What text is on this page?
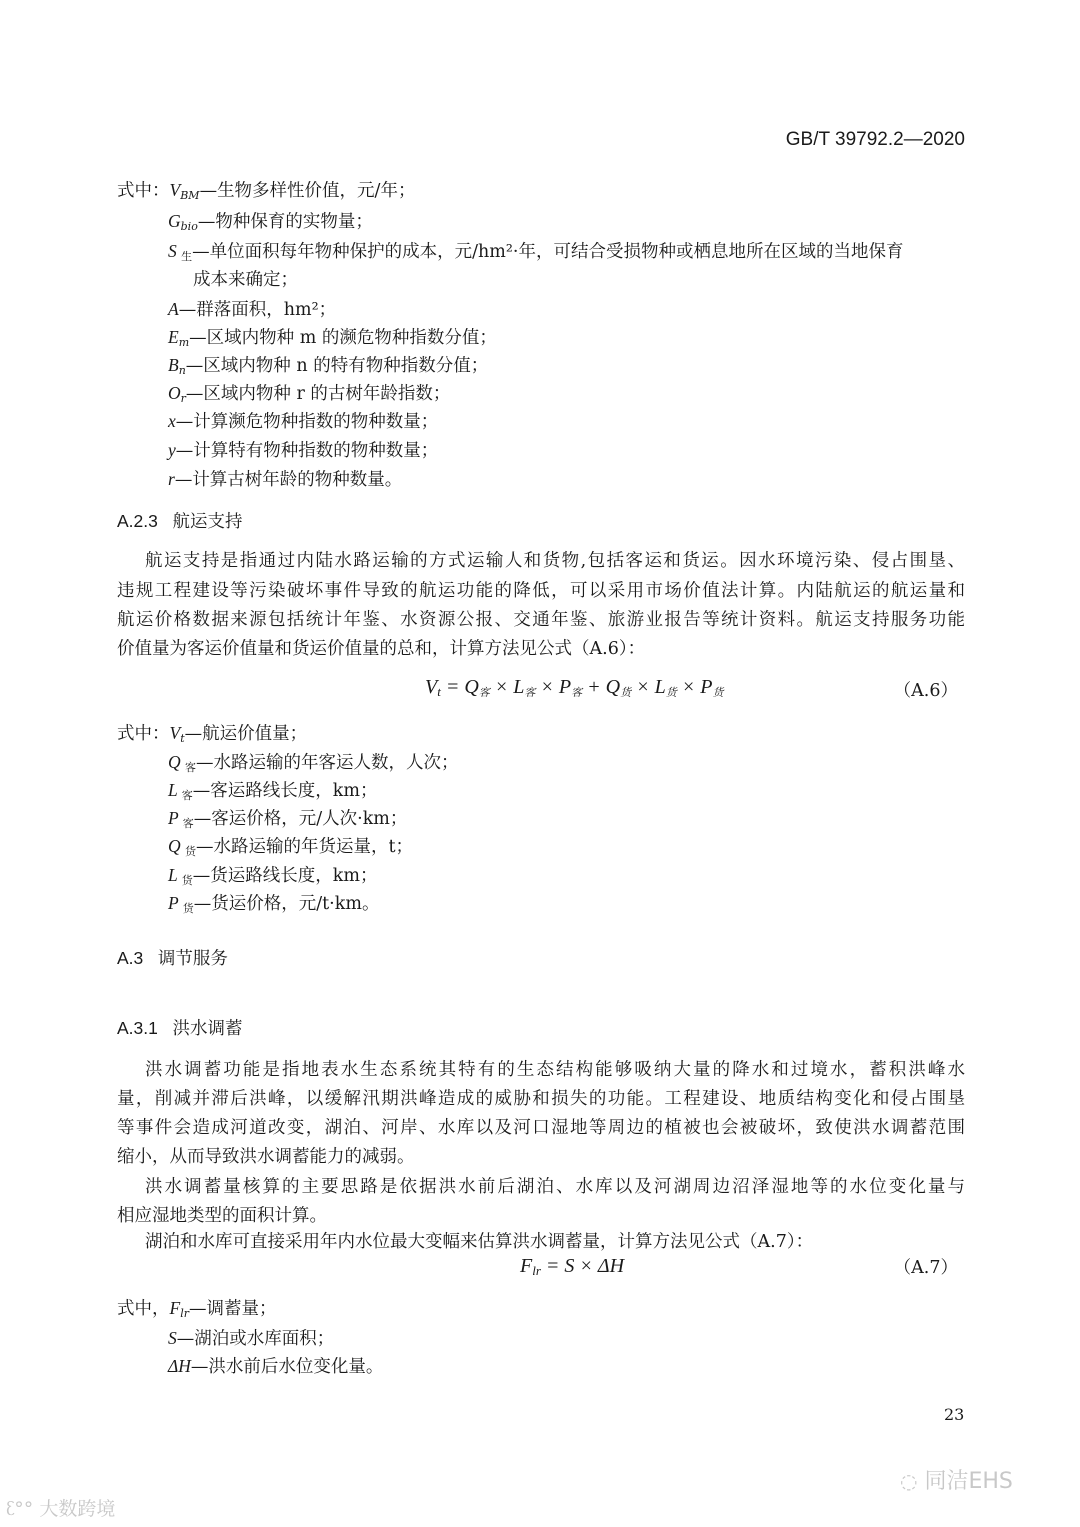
GB/T 39792.2—2020
式中：$V_{BM}—$生物多样性价值，元/年；
$G_{bio}—$物种保育的实物量；
S $_生$—单位面积每年物种保护的成本，元/hm²·年，可结合受损物种或栖息地所在区域的当地保育
成本来确定；
A—群落面积，hm²；
$E_m—$区域内物种 m 的濒危物种指数分值；
$B_n—$区域内物种 n 的特有物种指数分值；
$O_r—$区域内物种 r 的古树年龄指数；
x—计算濒危物种指数的物种数量；
y—计算特有物种指数的物种数量；
r—计算古树年龄的物种数量。
A.2.3 航运支持
航运支持是指通过内陆水路运输的方式运输人和货物,包括客运和货运。因水环境污染、侵占围垦、
违规工程建设等污染破坏事件导致的航运功能的降低，可以采用市场价值法计算。内陆航运的航运量和
航运价格数据来源包括统计年鉴、水资源公报、交通年鉴、旅游业报告等统计资料。航运支持服务功能
价值量为客运价值量和货运价值量的总和，计算方法见公式（A.6）：
$V_t = Q_客 \times L_客 \times P_客 + Q_货 \times L_货 \times P_货$	（A.6）
式中：$V_t—$航运价值量；
Q $_客$—水路运输的年客运人数，人次；
L $_客$—客运路线长度，km；
P $_客$—客运价格，元/人次·km；
Q $_货$—水路运输的年货运量，t；
L $_货$—货运路线长度，km；
P $_货$—货运价格，元/t·km。
A.3 调节服务
A.3.1 洪水调蓄
洪水调蓄功能是指地表水生态系统其特有的生态结构能够吸纳大量的降水和过境水，蓄积洪峰水
量，削减并滞后洪峰，以缓解汛期洪峰造成的威胁和损失的功能。工程建设、地质结构变化和侵占围垦
等事件会造成河道改变，湖泊、河岸、水库以及河口湿地等周边的植被也会被破坏，致使洪水调蓄范围
缩小，从而导致洪水调蓄能力的减弱。
洪水调蓄量核算的主要思路是依据洪水前后湖泊、水库以及河湖周边沼泽湿地等的水位变化量与
相应湿地类型的面积计算。
湖泊和水库可直接采用年内水位最大变幅来估算洪水调蓄量，计算方法见公式（A.7）：
$F_{lr} = S \times \Delta H$	（A.7）
式中，$F_{lr}—$调蓄量；
S—湖泊或水库面积；
ΔH—洪水前后水位变化量。
23
◌ 同洁EHS
ᦷ°° 大数跨境
